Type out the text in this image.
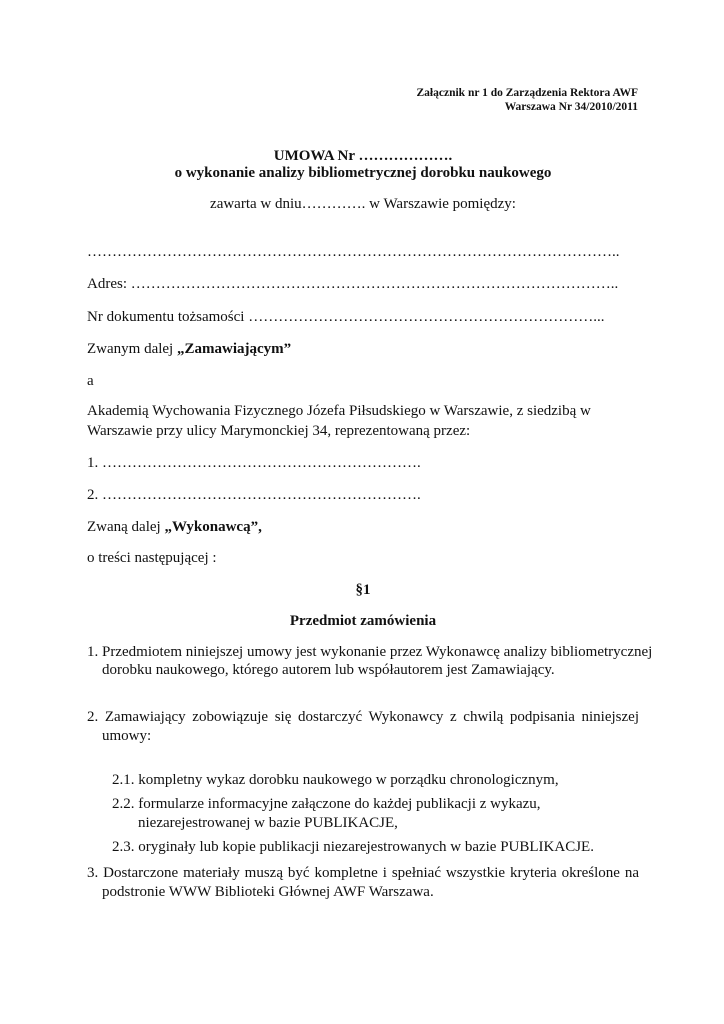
Załącznik nr 1 do Zarządzenia Rektora AWF

Warszawa Nr 34/2010/2011

UMOWA Nr ……………….

o wykonanie analizy bibliometrycznej dorobku naukowego

zawarta w dniu…………. w Warszawie pomiędzy:

……………………………………………………………………………………………..

Adres: ……………………………………………………………………………………..

Nr dokumentu tożsamości ……………………………………………………………...

Zwanym dalej „Zamawiającym”

a

Akademią Wychowania Fizycznego Józefa Piłsudskiego w Warszawie, z siedzibą w

Warszawie przy ulicy Marymonckiej 34, reprezentowaną przez:

1. ……………………………………………………….

2. ……………………………………………………….

Zwaną dalej „Wykonawcą”,

o treści następującej :

§1

Przedmiot zamówienia

1. Przedmiotem niniejszej umowy jest wykonanie przez Wykonawcę analizy bibliometrycznej

dorobku naukowego, którego autorem lub współautorem jest Zamawiający.

2. Zamawiający zobowiązuje się dostarczyć Wykonawcy z chwilą podpisania niniejszej umowy:

2.1. kompletny wykaz dorobku naukowego w porządku chronologicznym,

2.2. formularze informacyjne załączone do każdej publikacji z wykazu,

niezarejestrowanej w bazie PUBLIKACJE,

2.3. oryginały lub kopie publikacji niezarejestrowanych w bazie PUBLIKACJE.

3. Dostarczone materiały muszą być kompletne i spełniać wszystkie kryteria określone na podstronie WWW Biblioteki Głównej AWF Warszawa.
